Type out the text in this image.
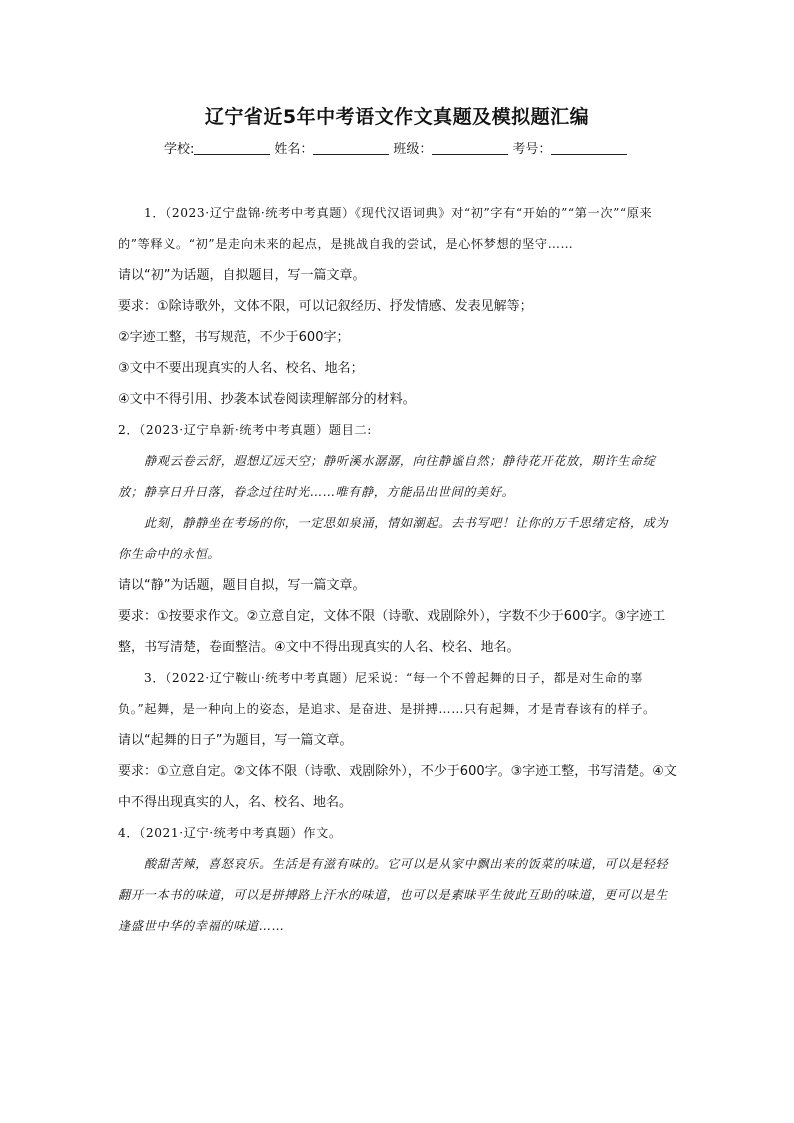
辽宁省近5年中考语文作文真题及模拟题汇编
学校:	姓名：	班级：	考号：

1．（2023·辽宁盘锦·统考中考真题）《现代汉语词典》对“初”字有“开始的”“第一次”“原来的”等释义。“初”是走向未来的起点，是挑战自我的尝试，是心怀梦想的坚守……

请以“初”为话题，自拟题目，写一篇文章。

要求：①除诗歌外，文体不限，可以记叙经历、抒发情感、发表见解等；

②字迹工整，书写规范，不少于600字；

③文中不要出现真实的人名、校名、地名；

④文中不得引用、抄袭本试卷阅读理解部分的材料。

2．（2023·辽宁阜新·统考中考真题）题目二:

静观云卷云舒，遐想辽远天空；静听溪水潺潺，向往静谧自然；静待花开花放，期许生命绽放；静享日升日落，眷念过往时光……唯有静，方能品出世间的美好。

此刻，静静坐在考场的你，一定思如泉涌，情如潮起。去书写吧！让你的万千思绪定格，成为你生命中的永恒。

请以“静”为话题，题目自拟，写一篇文章。

要求：①按要求作文。②立意自定，文体不限（诗歌、戏剧除外），字数不少于600字。③字迹工整，书写清楚，卷面整洁。④文中不得出现真实的人名、校名、地名。

3．（2022·辽宁鞍山·统考中考真题）尼采说：“每一个不曾起舞的日子，都是对生命的辜负。”起舞，是一种向上的姿态，是追求、是奋进、是拼搏……只有起舞，才是青春该有的样子。

请以“起舞的日子”为题目，写一篇文章。

要求：①立意自定。②文体不限（诗歌、戏剧除外），不少于600字。③字迹工整，书写清楚。④文中不得出现真实的人，名、校名、地名。

4．（2021·辽宁·统考中考真题）作文。

酸甜苦辣，喜怒哀乐。生活是有滋有味的。它可以是从家中飘出来的饭菜的味道，可以是轻轻翻开一本书的味道，可以是拼搏路上汗水的味道，也可以是素昧平生彼此互助的味道，更可以是生逢盛世中华的幸福的味道……
